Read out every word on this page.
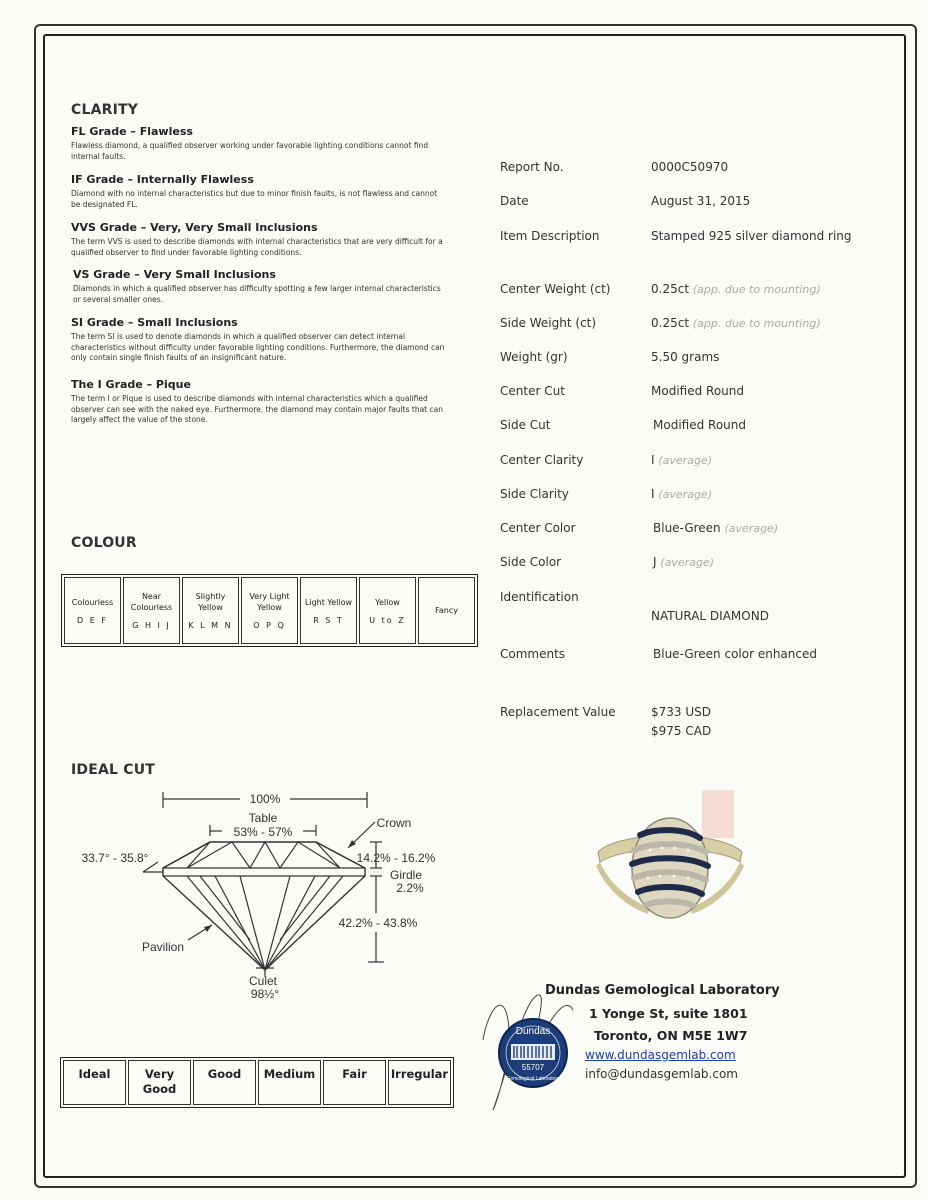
CLARITY
FL Grade – Flawless
Flawless diamond, a qualified observer working under favorable lighting conditions cannot find internal faults.
IF Grade – Internally Flawless
Diamond with no internal characteristics but due to minor finish faults, is not flawless and cannot be designated FL.
VVS Grade – Very, Very Small Inclusions
The term VVS is used to describe diamonds with internal characteristics that are very difficult for a qualified observer to find under favorable lighting conditions.
VS Grade – Very Small Inclusions
Diamonds in which a qualified observer has difficulty spotting a few larger internal characteristics or several smaller ones.
SI Grade – Small Inclusions
The term SI is used to denote diamonds in which a qualified observer can detect internal characteristics without difficulty under favorable lighting conditions. Furthermore, the diamond can only contain single finish faults of an insignificant nature.
The I Grade – Pique
The term I or Pique is used to describe diamonds with internal characteristics which a qualified observer can see with the naked eye. Furthermore, the diamond may contain major faults that can largely affect the value of the stone.
COLOUR
Colourless
D E F

Near Colourless
G H I J

Slightly Yellow
K L M N

Very Light Yellow
O P Q

Light Yellow
R S T

Yellow
U to Z

Fancy
IDEAL CUT
100%
Table
53% - 57%
Crown
33.7° - 35.8°	14.2% - 16.2%
Girdle
2.2%
42.2% - 43.8%
Pavilion
Culet
98½°
Ideal	Very Good	Good	Medium	Fair	Irregular
Report No.	0000C50970
Date	August 31, 2015
Item Description	Stamped 925 silver diamond ring
Center Weight (ct)	0.25ct (app. due to mounting)
Side Weight (ct)	0.25ct (app. due to mounting)
Weight (gr)	5.50 grams
Center Cut	Modified Round
Side Cut	Modified Round
Center Clarity	I (average)
Side Clarity	I (average)
Center Color	Blue-Green (average)
Side Color	J (average)
Identification
NATURAL DIAMOND
Comments	Blue-Green color enhanced
Replacement Value	$733 USD
$975 CAD
Dundas
55707
Gemological Laboratory
Dundas Gemological Laboratory
1 Yonge St, suite 1801
Toronto, ON M5E 1W7
www.dundasgemlab.com
info@dundasgemlab.com
